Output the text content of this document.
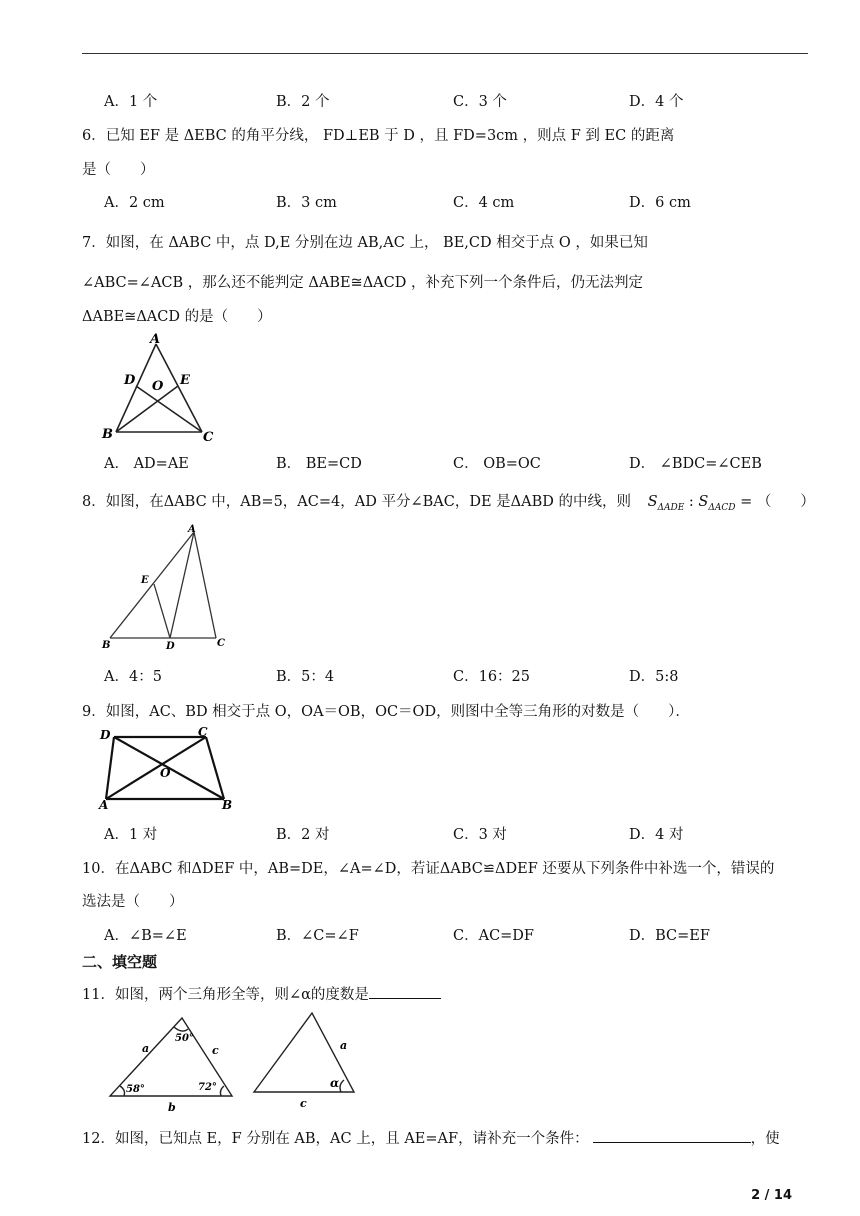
A．1 个	B．2 个	C．3 个	D．4 个
6．已知 EF 是 ΔEBC 的角平分线， FD⊥EB 于 D ，且 FD=3cm ，则点 F 到 EC 的距离
是（　　）
A．2 cm	B．3 cm	C．4 cm	D．6 cm
7．如图，在 ΔABC 中，点 D,E 分别在边 AB,AC 上， BE,CD 相交于点 O ，如果已知
∠ABC=∠ACB ，那么还不能判定 ΔABE≅ΔACD ，补充下列一个条件后，仍无法判定
ΔABE≅ΔACD 的是（　　）
A
D	E
O
B	C
A． AD=AE	B． BE=CD	C． OB=OC	D． ∠BDC=∠CEB
8．如图，在ΔABC 中，AB=5，AC=4，AD 平分∠BAC，DE 是ΔABD 的中线，则 $S_{\Delta ADE}$ : $S_{\Delta ACD}$ = （　　）
A
E
B	D	C
A．4：5	B．5：4	C．16：25	D．5:8
9．如图，AC、BD 相交于点 O，OA＝OB，OC＝OD，则图中全等三角形的对数是（　　）．
D	C
O
A	B
A．1 对	B．2 对	C．3 对	D．4 对
10．在ΔABC 和ΔDEF 中，AB=DE，∠A=∠D，若证ΔABC≌ΔDEF 还要从下列条件中补选一个，错误的
选法是（　　）
A．∠B=∠E	B．∠C=∠F	C．AC=DF	D．BC=EF
二、填空题
11．如图，两个三角形全等，则∠α的度数是
a	c
b
50°
58°	72°
a
c
α
12．如图，已知点 E，F 分别在 AB，AC 上，且 AE=AF，请补充一个条件：	，使
2 / 14
